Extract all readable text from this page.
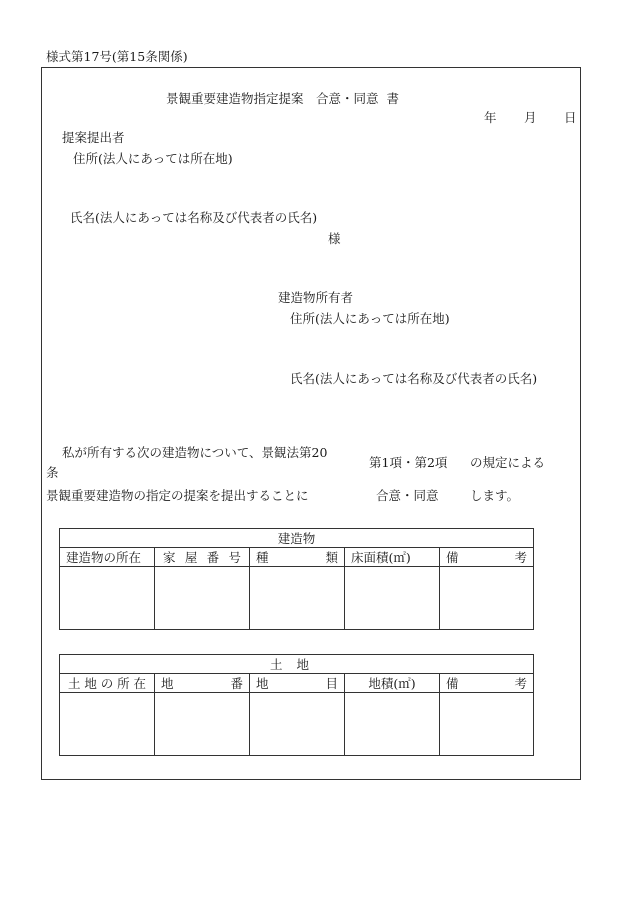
様式第17号(第15条関係)
景観重要建造物指定提案　合意・同意 書
年 月 日
提案提出者
住所(法人にあっては所在地)
氏名(法人にあっては名称及び代表者の氏名)
様
建造物所有者
住所(法人にあっては所在地)
氏名(法人にあっては名称及び代表者の氏名)
私が所有する次の建造物について、景観法第20
条
第1項・第2項 の規定による
景観重要建造物の指定の提案を提出することに	合意・同意	します。
建造物				
建造物の所在	家 屋 番 号	種 類	床面積(㎡)	備 考

土地				

土 地 の 所 在	地 番	地 目	地積(㎡)	備 考
